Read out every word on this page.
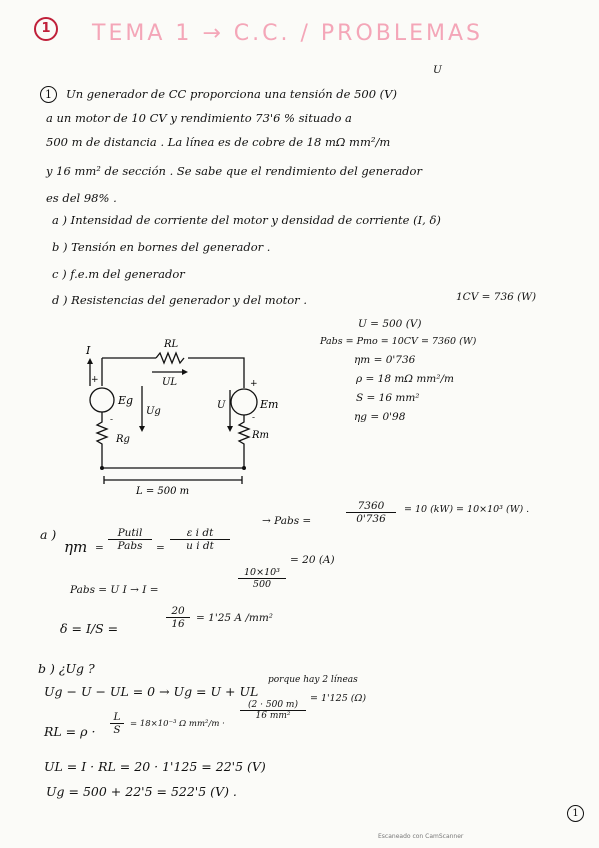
1	TEMA 1 → C.C. / PROBLEMAS
U
1	Un generador de CC proporciona una tensión de 500 (V)
a un motor de 10 CV y rendimiento 73'6 % situado a
500 m de distancia . La línea es de cobre de 18 mΩ mm²/m
y 16 mm² de sección . Se sabe que el rendimiento del generador
es del 98% .
a ) Intensidad de corriente del motor y densidad de corriente (I, δ)
b ) Tensión en bornes del generador .
c ) f.e.m del generador
d ) Resistencias del generador y del motor .	1CV = 736 (W)
U = 500 (V)
Pabs = Pmo = 10CV = 7360 (W)
ηm = 0'736
ρ = 18 mΩ mm²/m
S = 16 mm²
ηg = 0'98
I	RL
UL
Eg
Ug
Rg
U	Em
Rm
+
-
+
-
L = 500 m
a )
ηm =
Putil
Pabs	= $\frac{\text{ε i dt}}{\text{u i dt}}$
→ Pabs =	$\frac{7360}{0'736} = 10$ (kW) = 10×10³ (W) .
Pabs = U I → I =	$\frac{\text{10×10³}}{500}$
= 20 (A)
δ = I/S =	$\frac{20}{16} = 1'25$ A /mm²
b ) ¿Ug ?
porque hay 2 líneas
Ug − U − UL = 0 → Ug = U + UL
RL = $\rho \cdot \frac{L}{S} = 18\times 10^{-3}$ Ω mm²/m ·
$\frac{(2 \cdot 500 m)}{\text{16 mm²}}$
= 1'125 (Ω)
UL = I · RL = 20 · 1'125 = 22'5 (V)
Ug = 500 + 22'5 = 522'5 (V) .
1
Escaneado con CamScanner
